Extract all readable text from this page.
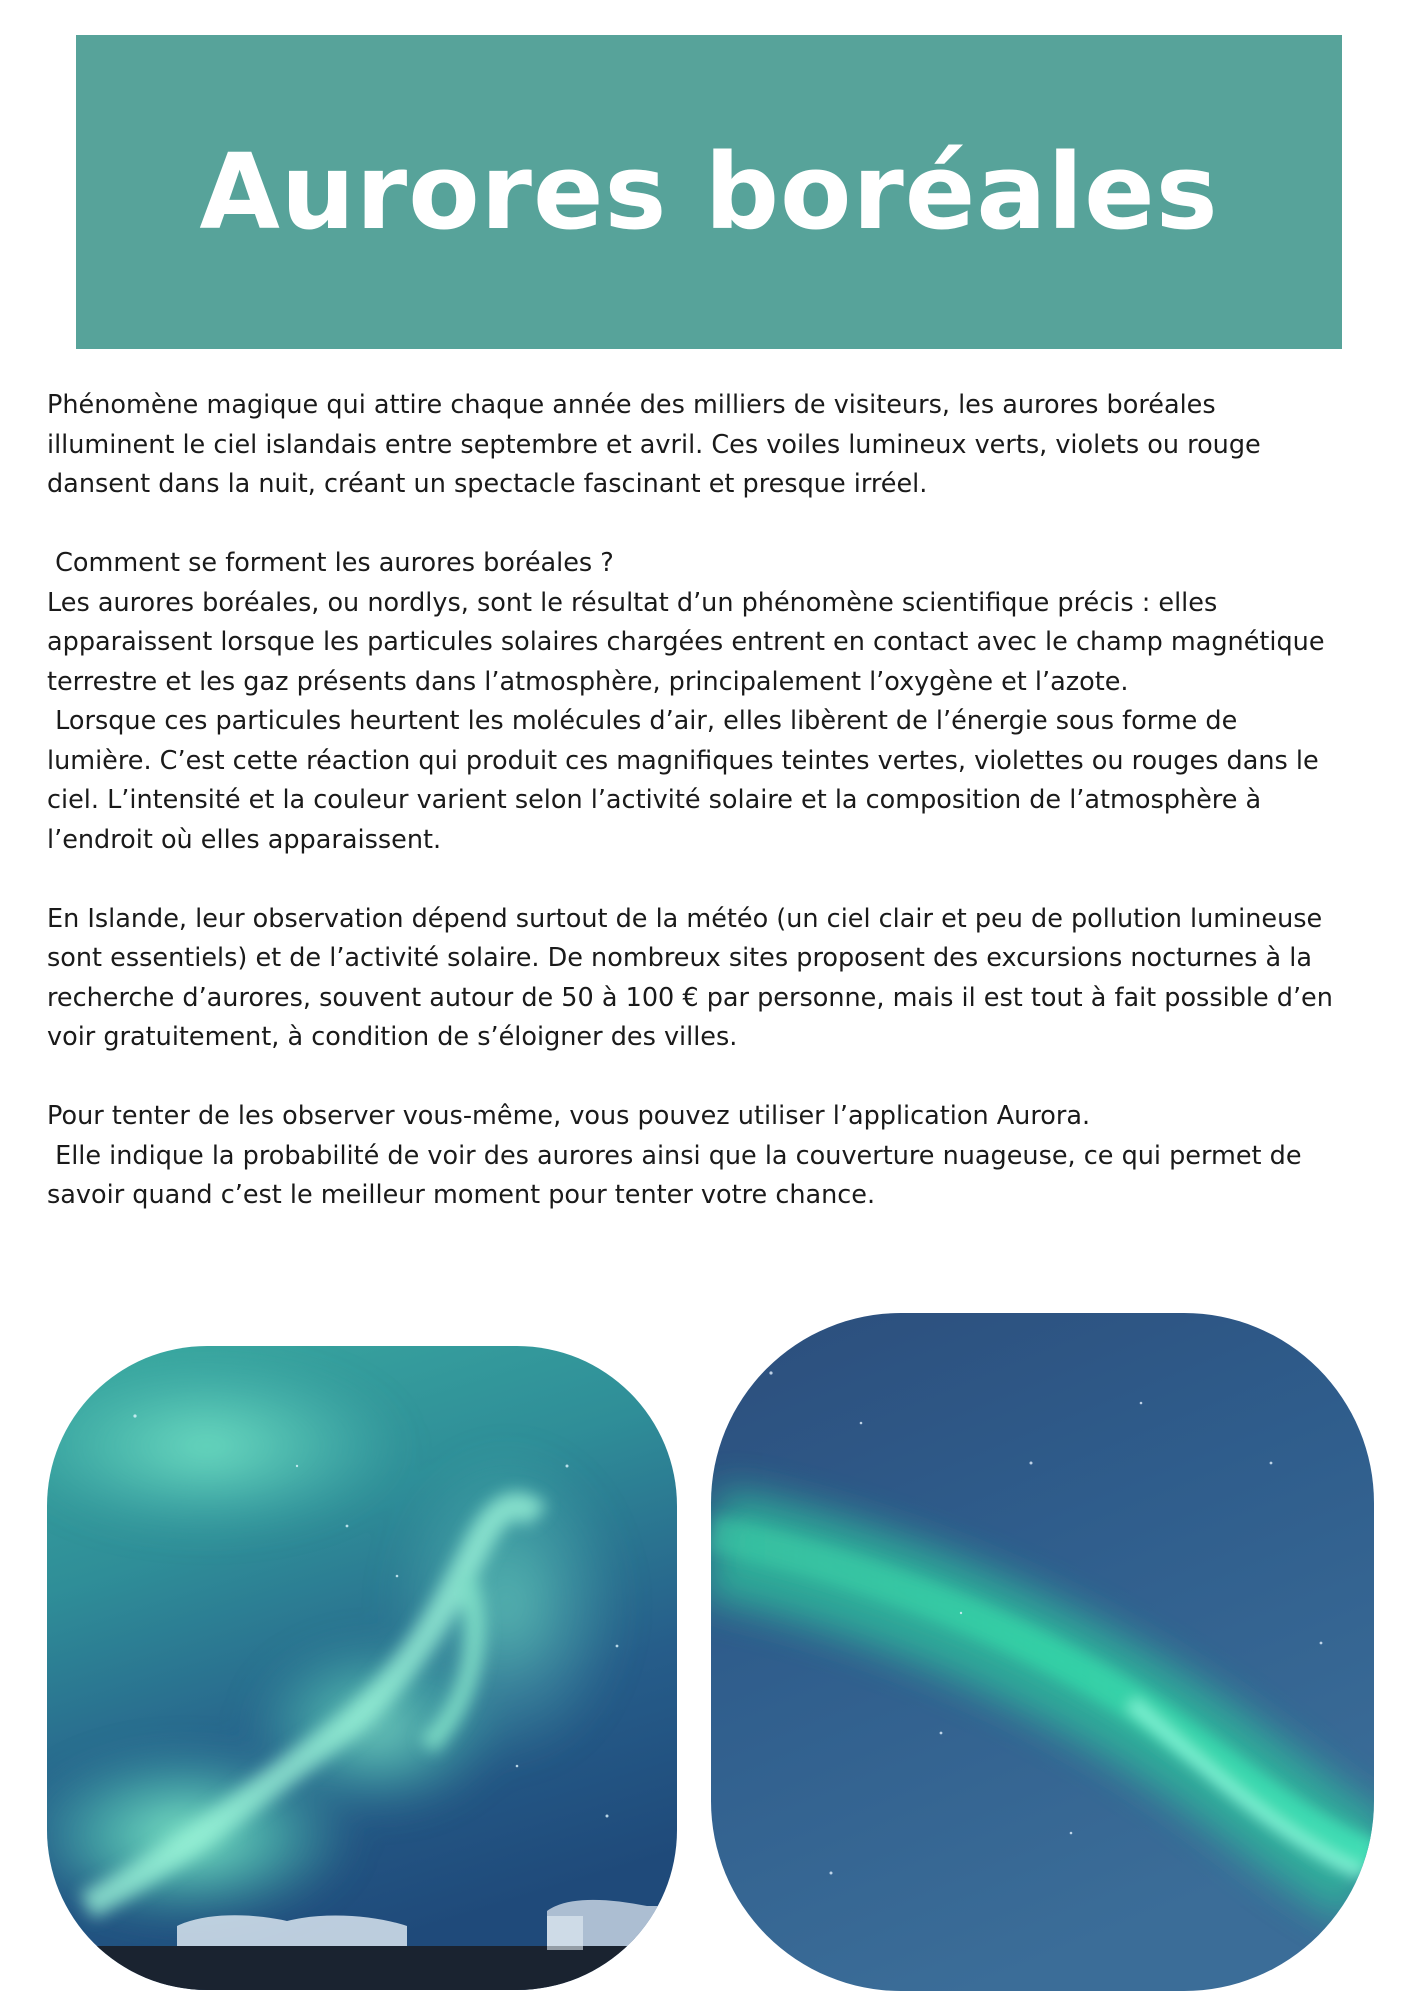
Aurores boréales

Phénomène magique qui attire chaque année des milliers de visiteurs, les aurores boréales
illuminent le ciel islandais entre septembre et avril. Ces voiles lumineux verts, violets ou rouge
dansent dans la nuit, créant un spectacle fascinant et presque irréel.

Comment se forment les aurores boréales ?
Les aurores boréales, ou nordlys, sont le résultat d’un phénomène scientifique précis : elles
apparaissent lorsque les particules solaires chargées entrent en contact avec le champ magnétique
terrestre et les gaz présents dans l’atmosphère, principalement l’oxygène et l’azote.
Lorsque ces particules heurtent les molécules d’air, elles libèrent de l’énergie sous forme de
lumière. C’est cette réaction qui produit ces magnifiques teintes vertes, violettes ou rouges dans le
ciel. L’intensité et la couleur varient selon l’activité solaire et la composition de l’atmosphère à
l’endroit où elles apparaissent.

En Islande, leur observation dépend surtout de la météo (un ciel clair et peu de pollution lumineuse
sont essentiels) et de l’activité solaire. De nombreux sites proposent des excursions nocturnes à la
recherche d’aurores, souvent autour de 50 à 100 € par personne, mais il est tout à fait possible d’en
voir gratuitement, à condition de s’éloigner des villes.

Pour tenter de les observer vous-même, vous pouvez utiliser l’application Aurora.
Elle indique la probabilité de voir des aurores ainsi que la couverture nuageuse, ce qui permet de
savoir quand c’est le meilleur moment pour tenter votre chance.
